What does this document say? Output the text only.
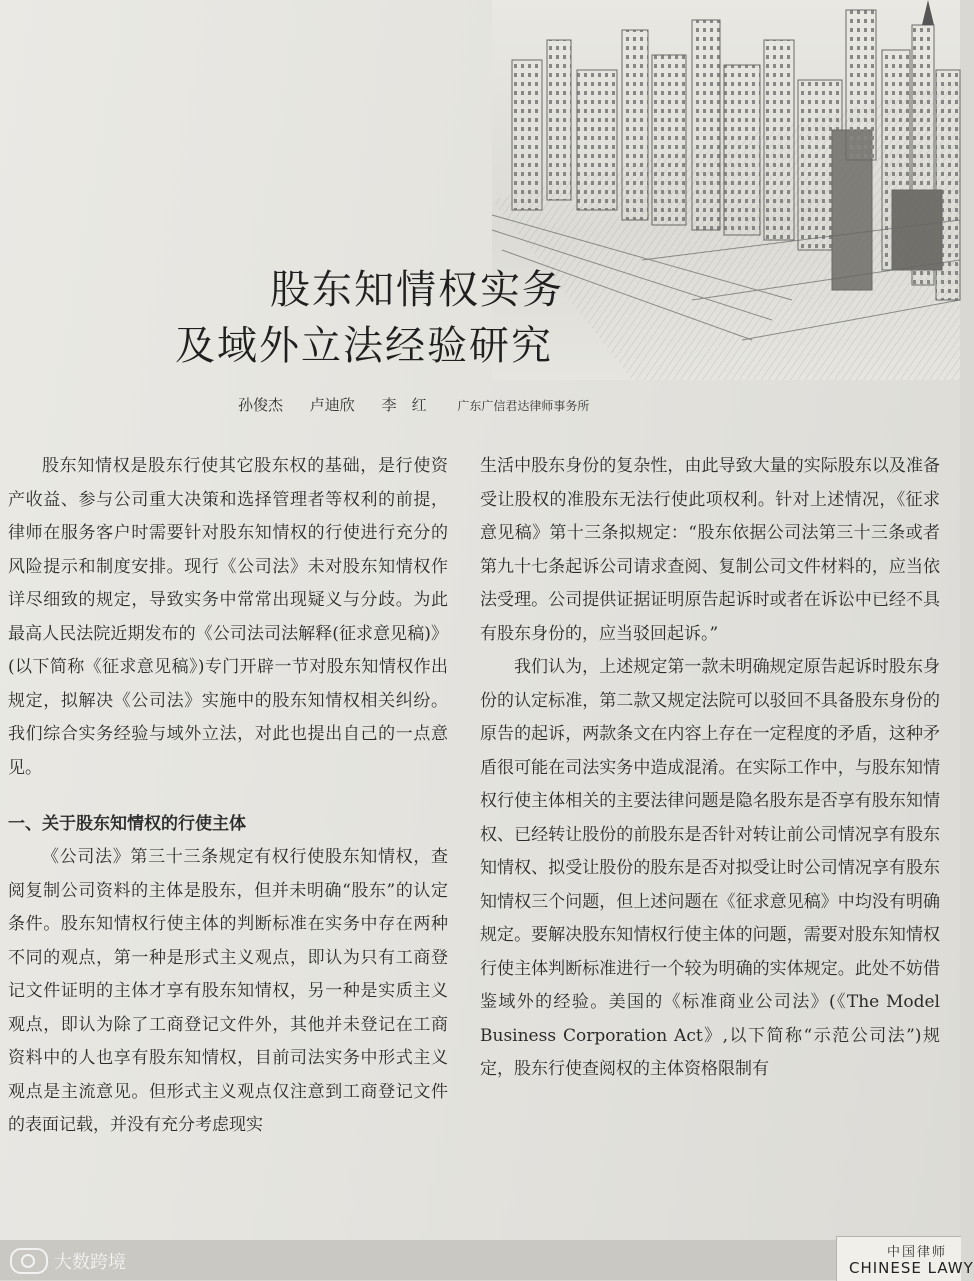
股东知情权实务
及域外立法经验研究
孙俊杰 卢迪欣 李　红	广东广信君达律师事务所

股东知情权是股东行使其它股东权的基础，是行使资产收益、参与公司重大决策和选择管理者等权利的前提，律师在服务客户时需要针对股东知情权的行使进行充分的风险提示和制度安排。现行《公司法》未对股东知情权作详尽细致的规定，导致实务中常常出现疑义与分歧。为此最高人民法院近期发布的《公司法司法解释(征求意见稿)》(以下简称《征求意见稿》)专门开辟一节对股东知情权作出规定，拟解决《公司法》实施中的股东知情权相关纠纷。我们综合实务经验与域外立法，对此也提出自己的一点意见。

一、关于股东知情权的行使主体

《公司法》第三十三条规定有权行使股东知情权，查阅复制公司资料的主体是股东，但并未明确“股东”的认定条件。股东知情权行使主体的判断标准在实务中存在两种不同的观点，第一种是形式主义观点，即认为只有工商登记文件证明的主体才享有股东知情权，另一种是实质主义观点，即认为除了工商登记文件外，其他并未登记在工商资料中的人也享有股东知情权，目前司法实务中形式主义观点是主流意见。但形式主义观点仅注意到工商登记文件的表面记载，并没有充分考虑现实

生活中股东身份的复杂性，由此导致大量的实际股东以及准备受让股权的准股东无法行使此项权利。针对上述情况，《征求意见稿》第十三条拟规定：“股东依据公司法第三十三条或者第九十七条起诉公司请求查阅、复制公司文件材料的，应当依法受理。公司提供证据证明原告起诉时或者在诉讼中已经不具有股东身份的，应当驳回起诉。”

我们认为，上述规定第一款未明确规定原告起诉时股东身份的认定标准，第二款又规定法院可以驳回不具备股东身份的原告的起诉，两款条文在内容上存在一定程度的矛盾，这种矛盾很可能在司法实务中造成混淆。在实际工作中，与股东知情权行使主体相关的主要法律问题是隐名股东是否享有股东知情权、已经转让股份的前股东是否针对转让前公司情况享有股东知情权、拟受让股份的股东是否对拟受让时公司情况享有股东知情权三个问题，但上述问题在《征求意见稿》中均没有明确规定。要解决股东知情权行使主体的问题，需要对股东知情权行使主体判断标准进行一个较为明确的实体规定。此处不妨借鉴域外的经验。美国的《标准商业公司法》(《The Model Business Corporation Act》,以下简称“示范公司法”)规定，股东行使查阅权的主体资格限制有

大数跨境	中国律师
CHINESE LAWY
